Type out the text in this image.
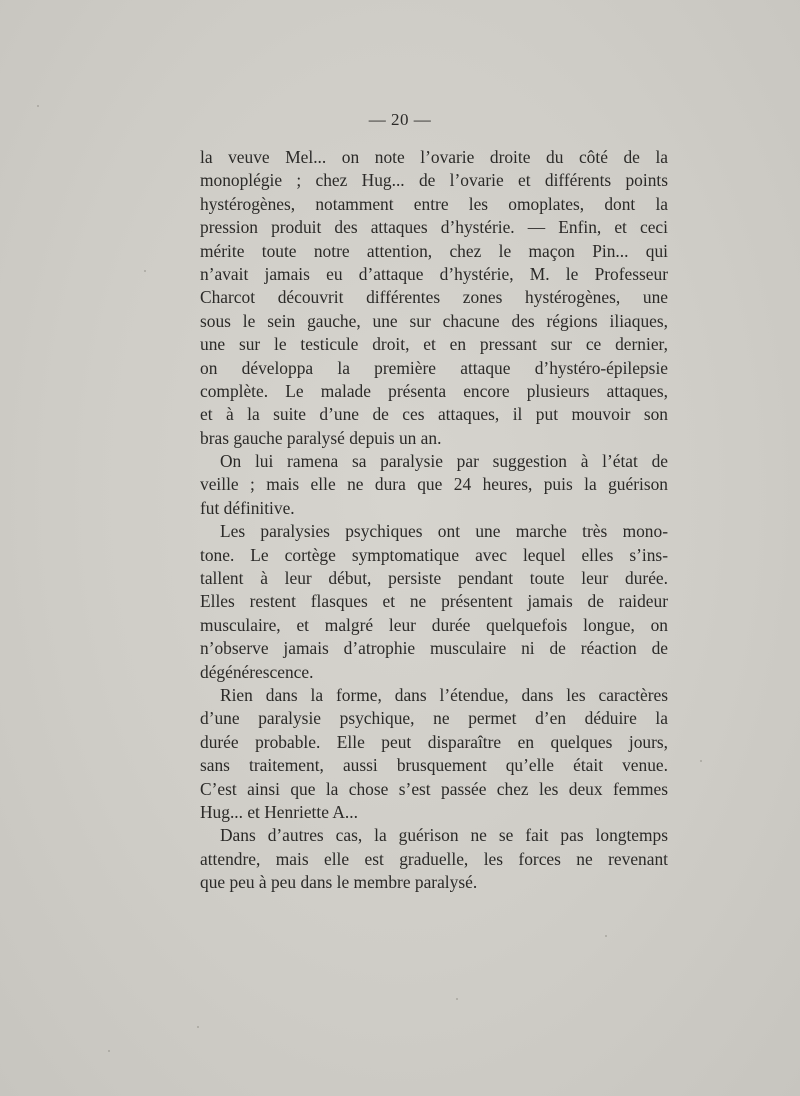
— 20 —
la veuve Mel... on note l’ovarie droite du côté de la
monoplégie ; chez Hug... de l’ovarie et différents points
hystérogènes, notamment entre les omoplates, dont la
pression produit des attaques d’hystérie. — Enfin, et ceci
mérite toute notre attention, chez le maçon Pin... qui
n’avait jamais eu d’attaque d’hystérie, M. le Professeur
Charcot découvrit différentes zones hystérogènes, une
sous le sein gauche, une sur chacune des régions iliaques,
une sur le testicule droit, et en pressant sur ce dernier,
on développa la première attaque d’hystéro-épilepsie
complète. Le malade présenta encore plusieurs attaques,
et à la suite d’une de ces attaques, il put mouvoir son
bras gauche paralysé depuis un an.
On lui ramena sa paralysie par suggestion à l’état de
veille ; mais elle ne dura que 24 heures, puis la guérison
fut définitive.
Les paralysies psychiques ont une marche très mono-
tone. Le cortège symptomatique avec lequel elles s’ins-
tallent à leur début, persiste pendant toute leur durée.
Elles restent flasques et ne présentent jamais de raideur
musculaire, et malgré leur durée quelquefois longue, on
n’observe jamais d’atrophie musculaire ni de réaction de
dégénérescence.
Rien dans la forme, dans l’étendue, dans les caractères
d’une paralysie psychique, ne permet d’en déduire la
durée probable. Elle peut disparaître en quelques jours,
sans traitement, aussi brusquement qu’elle était venue.
C’est ainsi que la chose s’est passée chez les deux femmes
Hug... et Henriette A...
Dans d’autres cas, la guérison ne se fait pas longtemps
attendre, mais elle est graduelle, les forces ne revenant
que peu à peu dans le membre paralysé.
